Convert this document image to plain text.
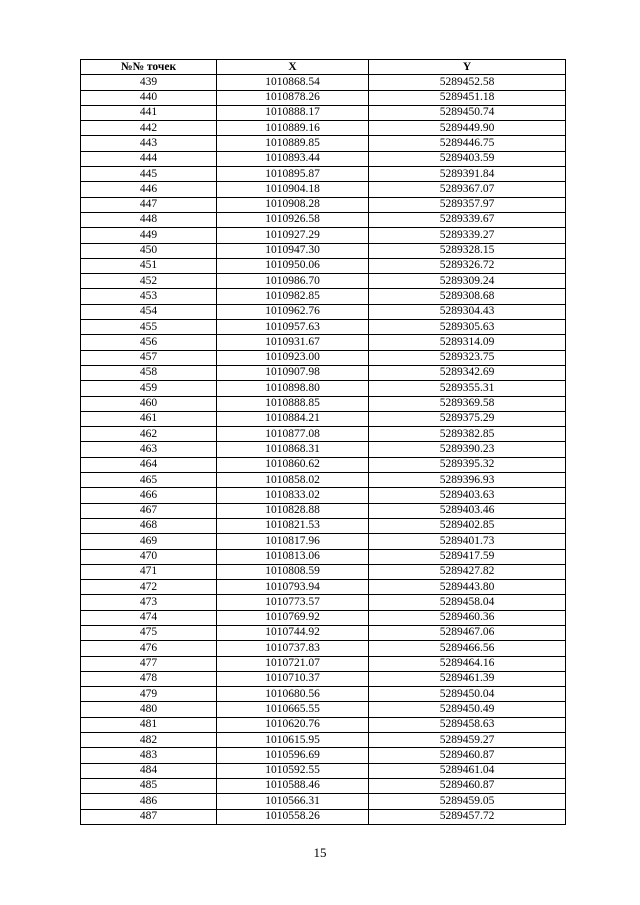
№№ точек	X	Y
439	1010868.54	5289452.58
440	1010878.26	5289451.18
441	1010888.17	5289450.74
442	1010889.16	5289449.90
443	1010889.85	5289446.75
444	1010893.44	5289403.59
445	1010895.87	5289391.84
446	1010904.18	5289367.07
447	1010908.28	5289357.97
448	1010926.58	5289339.67
449	1010927.29	5289339.27
450	1010947.30	5289328.15
451	1010950.06	5289326.72
452	1010986.70	5289309.24
453	1010982.85	5289308.68
454	1010962.76	5289304.43
455	1010957.63	5289305.63
456	1010931.67	5289314.09
457	1010923.00	5289323.75
458	1010907.98	5289342.69
459	1010898.80	5289355.31
460	1010888.85	5289369.58
461	1010884.21	5289375.29
462	1010877.08	5289382.85
463	1010868.31	5289390.23
464	1010860.62	5289395.32
465	1010858.02	5289396.93
466	1010833.02	5289403.63
467	1010828.88	5289403.46
468	1010821.53	5289402.85
469	1010817.96	5289401.73
470	1010813.06	5289417.59
471	1010808.59	5289427.82
472	1010793.94	5289443.80
473	1010773.57	5289458.04
474	1010769.92	5289460.36
475	1010744.92	5289467.06
476	1010737.83	5289466.56
477	1010721.07	5289464.16
478	1010710.37	5289461.39
479	1010680.56	5289450.04
480	1010665.55	5289450.49
481	1010620.76	5289458.63
482	1010615.95	5289459.27
483	1010596.69	5289460.87
484	1010592.55	5289461.04
485	1010588.46	5289460.87
486	1010566.31	5289459.05
487	1010558.26	5289457.72
15
